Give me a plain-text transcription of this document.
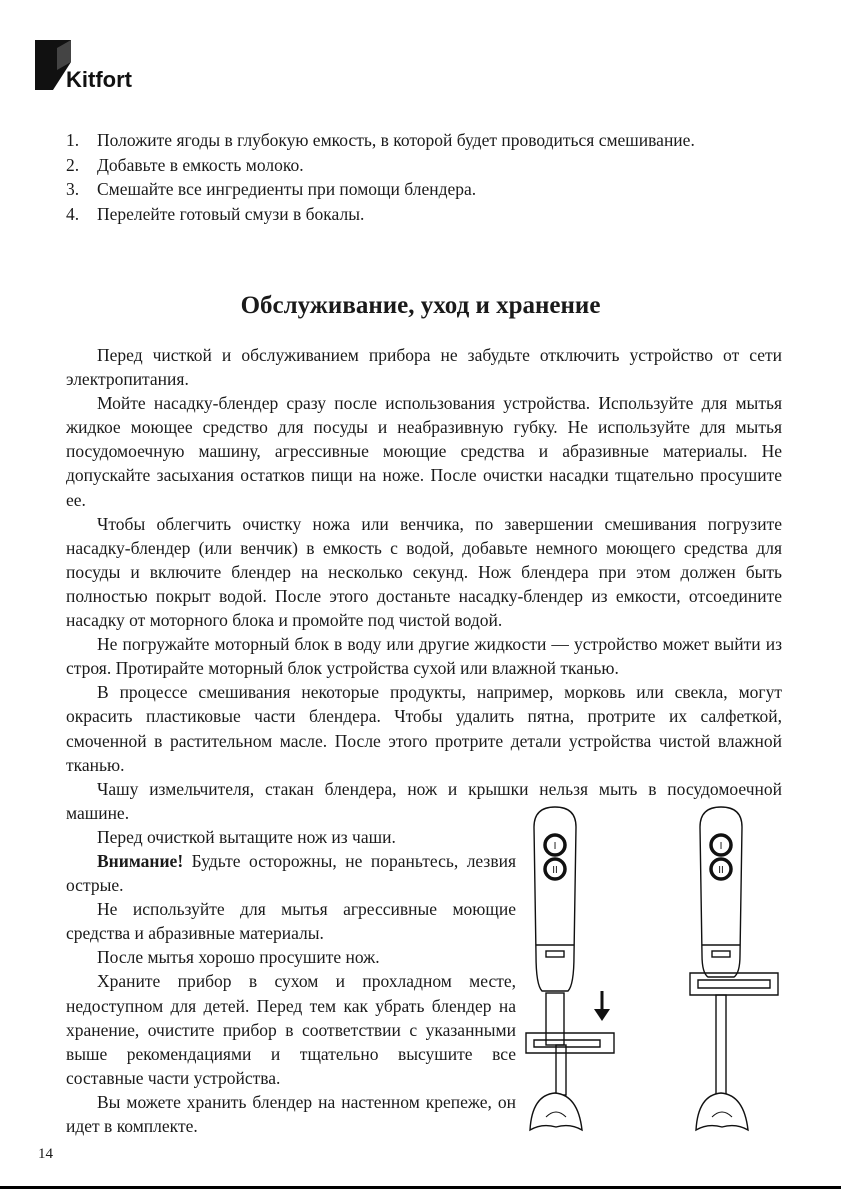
Kitfort
1. Положите ягоды в глубокую емкость, в которой будет проводиться смешивание.
2. Добавьте в емкость молоко.
3. Смешайте все ингредиенты при помощи блендера.
4. Перелейте готовый смузи в бокалы.
Обслуживание, уход и хранение

Перед чисткой и обслуживанием прибора не забудьте отключить устройство от сети электропитания.

Мойте насадку-блендер сразу после использования устройства. Используйте для мытья жидкое моющее средство для посуды и неабразивную губку. Не используйте для мытья посудомоечную машину, агрессивные моющие средства и абразивные материалы. Не допускайте засыхания остатков пищи на ноже. После очистки насадки тщательно просушите ее.

Чтобы облегчить очистку ножа или венчика, по завершении смешивания погрузите насадку-блендер (или венчик) в емкость с водой, добавьте немного моющего средства для посуды и включите блендер на несколько секунд. Нож блендера при этом должен быть полностью покрыт водой. После этого достаньте насадку-блендер из емкости, отсоедините насадку от моторного блока и промойте под чистой водой.

Не погружайте моторный блок в воду или другие жидкости — устройство может выйти из строя. Протирайте моторный блок устройства сухой или влажной тканью.

В процессе смешивания некоторые продукты, например, морковь или свекла, могут окрасить пластиковые части блендера. Чтобы удалить пятна, протрите их салфеткой, смоченной в растительном масле. После этого протрите детали устройства чистой влажной тканью.

Чашу измельчителя, стакан блендера, нож и крышки нельзя мыть в посудомоечной машине.

Перед очисткой вытащите нож из чаши.

Внимание! Будьте осторожны, не пораньтесь, лезвия острые.

Не используйте для мытья агрессивные моющие средства и абразивные материалы.

После мытья хорошо просушите нож.

Храните прибор в сухом и прохладном месте, недоступном для детей. Перед тем как убрать блендер на хранение, очистите прибор в соответствии с указанными выше рекомендациями и тщательно высушите все составные части устройства.

Вы можете хранить блендер на настенном крепеже, он идет в комплекте.

I
II
I
II
14
